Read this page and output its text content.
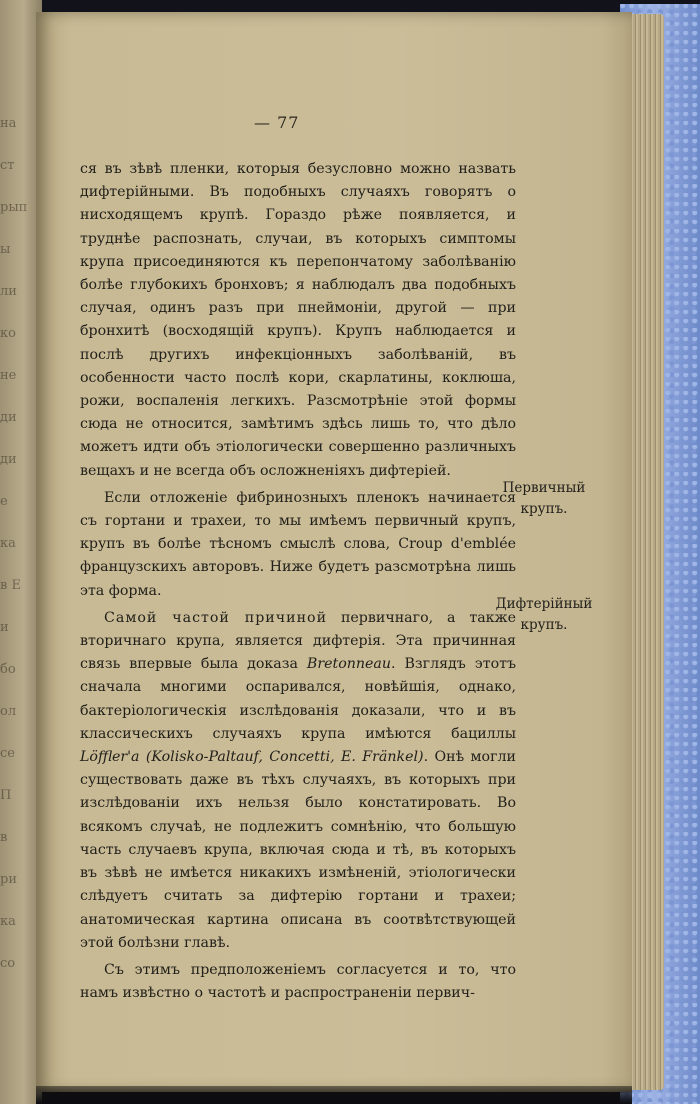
на
ст
рып
ы
ли
ко
не
ди
ди
е
ка
в Е
и
бо
ол
се
П
в
ри
ка
со
— 77

ся въ зѣвѣ пленки, которыя безусловно можно назвать дифтерійными. Въ подобныхъ случаяхъ говорятъ о нисходящемъ крупѣ. Гораздо рѣже появляется, и труднѣе распознать, случаи, въ которыхъ симптомы крупа присоединяются къ перепончатому заболѣванію болѣе глубокихъ бронховъ; я наблюдалъ два подобныхъ случая, одинъ разъ при пнеймоніи, другой — при бронхитѣ (восходящій крупъ). Крупъ наблюдается и послѣ другихъ инфекціонныхъ заболѣваній, въ особенности часто послѣ кори, скарлатины, коклюша, рожи, воспаленія легкихъ. Разсмотрѣніе этой формы сюда не относится, замѣтимъ здѣсь лишь то, что дѣло можетъ идти объ этіологически совершенно различныхъ вещахъ и не всегда объ осложненіяхъ дифтеріей.

Если отложеніе фибринозныхъ пленокъ начинается съ гортани и трахеи, то мы имѣемъ первичный крупъ, крупъ въ болѣе тѣсномъ смыслѣ слова, Croup d'emblée французскихъ авторовъ. Ниже будетъ разсмотрѣна лишь эта форма.

Самой частой причиной первичнаго, а также вторичнаго крупа, является дифтерія. Эта причинная связь впервые была доказа Bretonneau. Взглядъ этотъ сначала многими оспаривался, новѣйшія, однако, бактеріологическія изслѣдованія доказали, что и въ классическихъ случаяхъ крупа имѣются бациллы Löffler'a (Kolisko-Paltauf, Concetti, E. Fränkel). Онѣ могли существовать даже въ тѣхъ случаяхъ, въ которыхъ при изслѣдованіи ихъ нельзя было констатировать. Во всякомъ случаѣ, не подлежитъ сомнѣнію, что большую часть случаевъ крупа, включая сюда и тѣ, въ которыхъ въ зѣвѣ не имѣется никакихъ измѣненій, этіологически слѣдуетъ считать за дифтерію гортани и трахеи; анатомическая картина описана въ соотвѣтствующей этой болѣзни главѣ.

Съ этимъ предположеніемъ согласуется и то, что намъ извѣстно о частотѣ и распространеніи первич-

Первичный крупъ.
Дифтерійный крупъ.
